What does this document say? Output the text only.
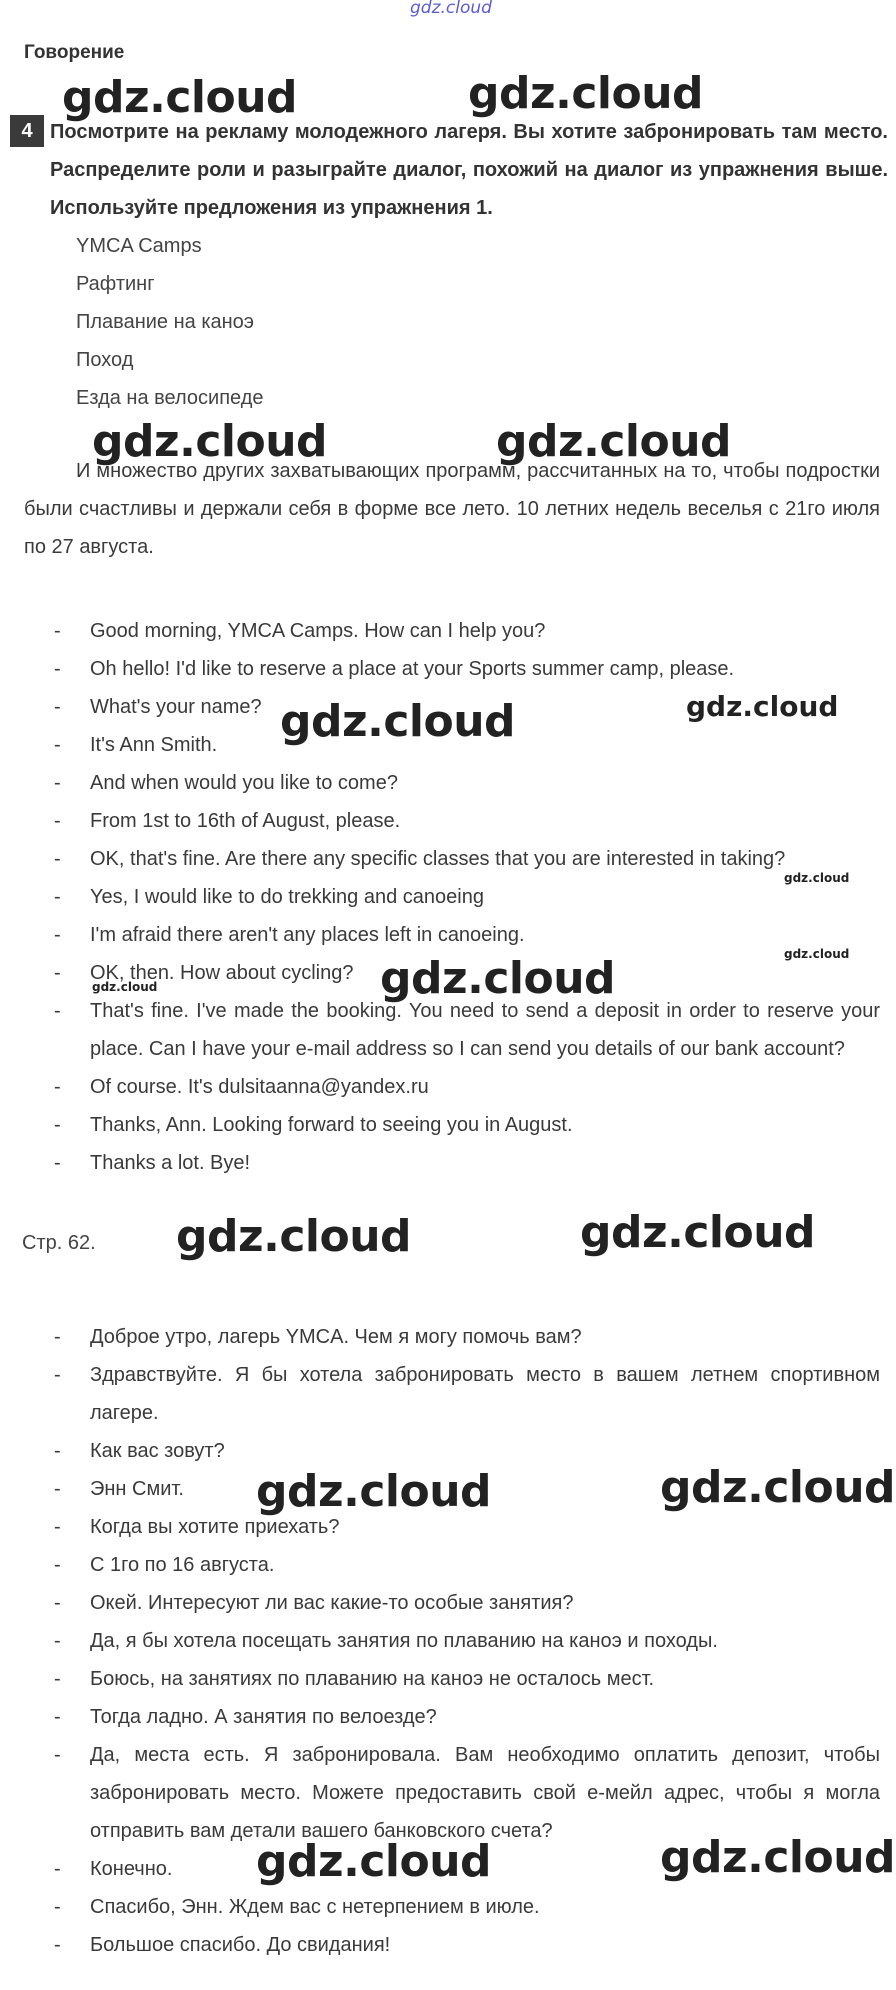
gdz.cloud
gdz.cloud	gdz.cloud
gdz.cloud	gdz.cloud
gdz.cloud	gdz.cloud
gdz.cloud
gdz.cloud
gdz.cloud
gdz.cloud
gdz.cloud	gdz.cloud
gdz.cloud	gdz.cloud
gdz.cloud	gdz.cloud
Говорение
4 Посмотрите на рекламу молодежного лагеря. Вы хотите забронировать там место. Распределите роли и разыграйте диалог, похожий на диалог из упражнения выше. Используйте предложения из упражнения 1.
YMCA Camps
Рафтинг
Плавание на каноэ
Поход
Езда на велосипеде
И множество других захватывающих программ, рассчитанных на то, чтобы подростки были счастливы и держали себя в форме все лето. 10 летних недель веселья с 21го июля по 27 августа.
- Good morning, YMCA Camps. How can I help you?
- Oh hello! I'd like to reserve a place at your Sports summer camp, please.
- What's your name?
- It's Ann Smith.
- And when would you like to come?
- From 1st to 16th of August, please.
- OK, that's fine. Are there any specific classes that you are interested in taking?
- Yes, I would like to do trekking and canoeing
- I'm afraid there aren't any places left in canoeing.
- OK, then. How about cycling?
- That's fine. I've made the booking. You need to send a deposit in order to reserve your place. Can I have your e-mail address so I can send you details of our bank account?
- Of course. It's dulsitaanna@yandex.ru
- Thanks, Ann. Looking forward to seeing you in August.
- Thanks a lot. Bye!
Стр. 62.
- Доброе утро, лагерь YMCA. Чем я могу помочь вам?
- Здравствуйте. Я бы хотела забронировать место в вашем летнем спортивном лагере.
- Как вас зовут?
- Энн Смит.
- Когда вы хотите приехать?
- С 1го по 16 августа.
- Окей. Интересуют ли вас какие-то особые занятия?
- Да, я бы хотела посещать занятия по плаванию на каноэ и походы.
- Боюсь, на занятиях по плаванию на каноэ не осталось мест.
- Тогда ладно. А занятия по велоезде?
- Да, места есть. Я забронировала. Вам необходимо оплатить депозит, чтобы забронировать место. Можете предоставить свой е-мейл адрес, чтобы я могла отправить вам детали вашего банковского счета?
- Конечно.
- Спасибо, Энн. Ждем вас с нетерпением в июле.
- Большое спасибо. До свидания!
